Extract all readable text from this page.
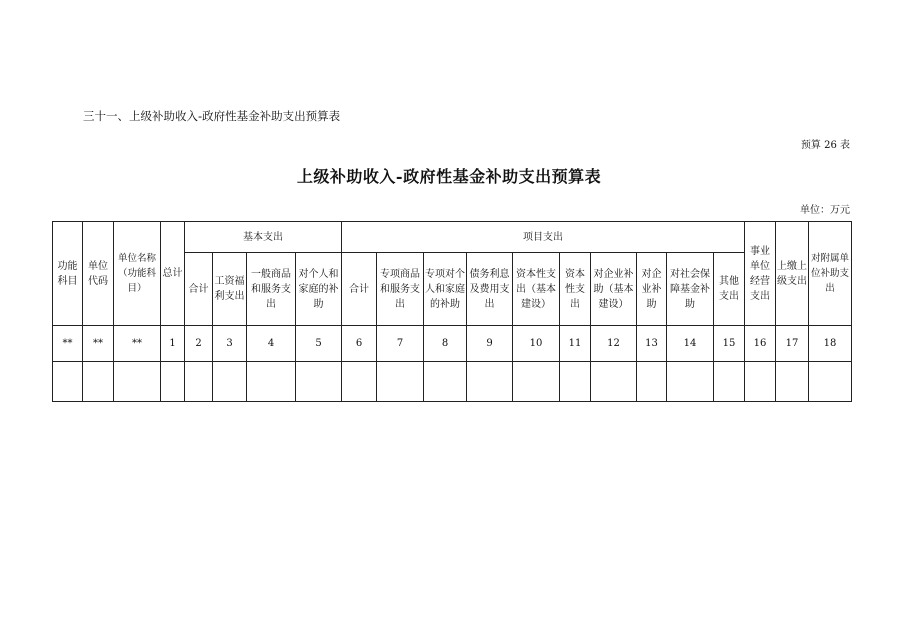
三十一、上级补助收入-政府性基金补助支出预算表
预算 26 表
上级补助收入-政府性基金补助支出预算表
单位：万元
功能科目	单位代码	单位名称（功能科目）	总计	基本支出				项目支出										事业单位经营支出	上缴上级支出	对附属单位补助支出
				合计	工资福利支出	一般商品和服务支出	对个人和家庭的补助	合计	专项商品和服务支出	专项对个人和家庭的补助	债务利息及费用支出	资本性支出（基本建设）	资本性支出	对企业补助（基本建设）	对企业补助	对社会保障基金补助	其他支出			
**	**	**	1	2	3	4	5	6	7	8	9	10	11	12	13	14	15	16	17	18
